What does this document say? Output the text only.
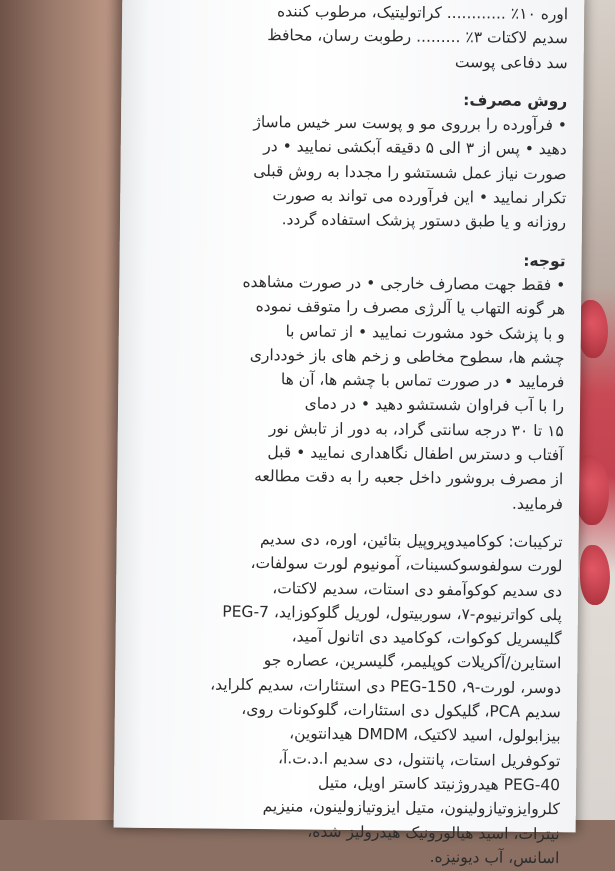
اوره ۱۰٪ ............ کراتولیتیک، مرطوب کننده
سدیم لاکتات ۳٪ ......... رطوبت رسان، محافظ
سد دفاعی پوست
روش مصرف:
• فرآورده را برروی مو و پوست سر خیس ماساژ
دهید • پس از ۳ الی ۵ دقیقه آبکشی نمایید • در
صورت نیاز عمل شستشو را مجددا به روش قبلی
تکرار نمایید • این فرآورده می تواند به صورت
روزانه و یا طبق دستور پزشک استفاده گردد.
توجه:
• فقط جهت مصارف خارجی • در صورت مشاهده
هر گونه التهاب یا آلرژی مصرف را متوقف نموده
و با پزشک خود مشورت نمایید • از تماس با
چشم ها، سطوح مخاطی و زخم های باز خودداری
فرمایید • در صورت تماس با چشم ها، آن ها
را با آب فراوان شستشو دهید • در دمای
۱۵ تا ۳۰ درجه سانتی گراد، به دور از تابش نور
آفتاب و دسترس اطفال نگاهداری نمایید • قبل
از مصرف بروشور داخل جعبه را به دقت مطالعه
فرمایید.
ترکیبات: کوکامیدوپروپیل بتائین، اوره، دی سدیم
لورت سولفوسوکسینات، آمونیوم لورت سولفات،
دی سدیم کوکوآمفو دی استات، سدیم لاکتات،
پلی کواترنیوم-۷، سوربیتول، لوریل گلوکوزاید، PEG-7
گلیسریل کوکوات، کوکامید دی اتانول آمید،
استایرن/آکریلات کوپلیمر، گلیسرین، عصاره جو
دوسر، لورت-۹، PEG-150 دی استئارات، سدیم کلراید،
سدیم PCA، گلیکول دی استئارات، گلوکونات روی،
بیزابولول، اسید لاکتیک، DMDM هیدانتوین،
توکوفریل استات، پانتنول، دی سدیم ا.د.ت.آ،
PEG-40 هیدروژنیتد کاستر اویل، متیل
کلروایزوتیازولینون، متیل ایزوتیازولینون، منیزیم
نیترات، اسید هیالورونیک هیدرولیز شده،
اسانس، آب دیونیزه.
